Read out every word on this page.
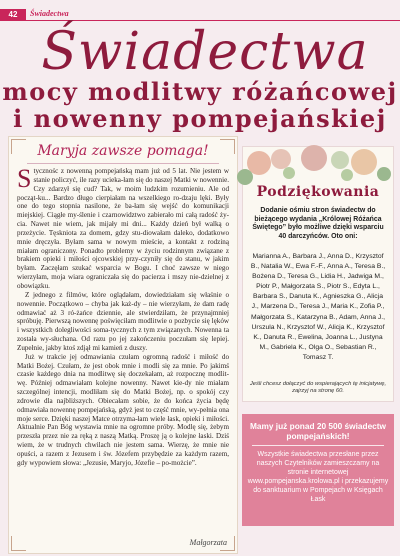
42	Świadectwa
Świadectwa
mocy modlitwy różańcowej
i nowenny pompejańskiej
Maryja zawsze pomaga!

Stycznośc z nowenną pompejańską mam już od 5 lat. Nie jestem w stanie policzyć, ile razy ucieka-łam się do naszej Matki w nowennie. Czy zdarzył się cud? Tak, w moim ludzkim rozumieniu. Ale od począt-ku... Bardzo długo cierpiałam na wszelkiego ro-dzaju lęki. Były one do tego stopnia nasilone, że ba-łam się wejść do komunikacji miejskiej. Ciągłe my-ślenie i czarnowidztwo zabierało mi całą radość ży-cia. Nawet nie wiem, jak mijały mi dni... Każdy dzień był walką o przeżycie. Tęskniota za domem, gdzy stu-diowałam daleko, dodatkowo mnie dręczyła. Byłam sama w nowym mieście, a kontakt z rodziną miałam ograniczony. Ponadto problemy w życiu rodzinnym związane z brakiem opieki i miłości ojcowskiej przy-czyniły się do stanu, w jakim byłam. Zaczęłam szukać wsparcia w Bogu. I choć zawsze w niego wierzyłam, moja wiara ograniczała się do pacierza i mszy nie-dzielnej z obowiązku.

Z jednego z filmów, które oglądałam, dowiedziałam się właśnie o nowennie. Początkowo – chyba jak każ-dy – nie wierzyłam, że dam radę odmawiać aż 3 ró-żańce dziennie, ale stwierdziłam, że przynajmniej spróbuję. Pierwszą nowennę poświęciłam modlitwie o pozbycie się lęków i wszystkich dolegliwości soma-tycznych z tym związanych. Nowenna ta została wy-słuchana. Od razu po jej zakończeniu poczułam się lepiej. Zupełnie, jakby ktoś zdjął mi kamień z duszy.

Już w trakcie jej odmawiania czułam ogromną radość i miłość do Matki Bożej. Czułam, że jest obok mnie i modli się za mnie. Po jakimś czasie każdego dnia na modlitwę się doczekałam, aż rozpocznę modlit-wę. Później odmawiałam kolejne nowenny. Nawet kie-dy nie miałam szczególnej intencji, modliłam się do Matki Bożej, np. o spokój czy zdrowie dla najbliższych. Obiecałam sobie, że do końca życia będę odmawiała nowennę pompejańską, gdyż jest to część mnie, wy-pełnia ona moje serce. Dzięki naszej Matce otrzyma-łam wiele łask, opieki i miłości. Aktualnie Pan Bóg wystawia mnie na ogromne próby. Modlę się, żebym przeszła przez nie za ręką z naszą Matką. Proszę ją o kolejne łaski. Dziś wiem, że w trudnych chwilach nie jestem sama. Wierzę, że mnie nie opuści, a razem z Jezusem i św. Józefem przybędzie za każdym razem, gdy wypowiem słowa: „Jezusie, Maryjo, Józefie – po-możcie”.

Małgorzata
Podziękowania
Dodanie ośmiu stron świadectw do bieżącego wydania „Królowej Różańca Świętego” było możliwe dzięki wsparciu 40 darczyńców. Oto oni:
Marianna A., Barbara J., Anna D., Krzysztof B., Natalia W., Ewa F.-F., Anna A., Teresa B., Bożena D., Teresa G., Lidia H., Jadwiga M., Piotr P., Małgorzata S., Piotr S., Edyta L., Barbara S., Danuta K., Agnieszka G., Alicja J., Marzena D., Teresa J., Maria K., Zofia P., Małgorzata S., Katarzyna B., Adam, Anna J., Urszula N., Krzysztof W., Alicja K., Krzysztof K., Danuta R., Ewelina, Joanna L., Justyna M., Gabriela K., Olga O., Sebastian R., Tomasz T.
Jeśli chcesz dołączyć do wspierających tę inicjatywę, zajrzyj na stronę 60.
Mamy już ponad 20 500 świadectw pompejańskich!
Wszystkie świadectwa przesłane przez naszych Czytelników zamieszczamy na stronie internetowej www.pompejanska.krolowa.pl i przekazujemy do sanktuarium w Pompejach w Księgach Łask
